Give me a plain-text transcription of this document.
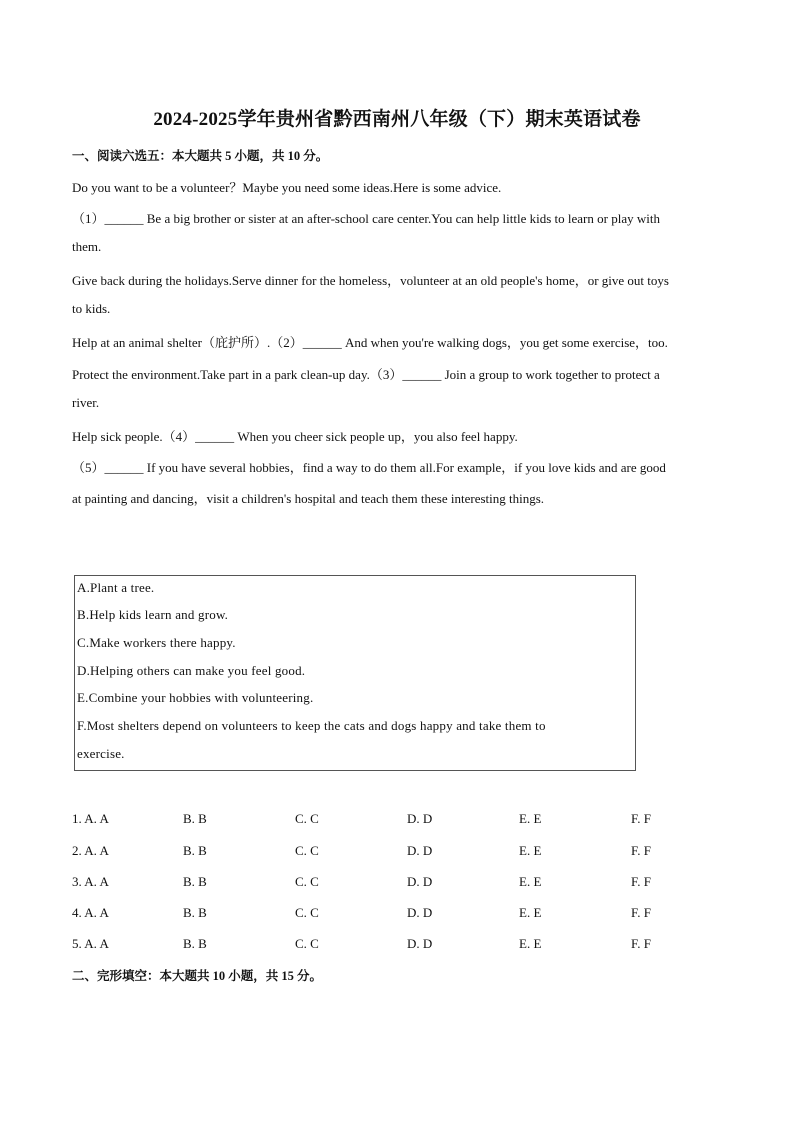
2024-2025学年贵州省黔西南州八年级（下）期末英语试卷
一、阅读六选五：本大题共 5 小题，共 10 分。
Do you want to be a volunteer？Maybe you need some ideas.Here is some advice.
（1）______ Be a big brother or sister at an after-school care center.You can help little kids to learn or play with
them.
Give back during the holidays.Serve dinner for the homeless，volunteer at an old people's home，or give out toys
to kids.
Help at an animal shelter（庇护所）.（2）______ And when you're walking dogs，you get some exercise，too.
Protect the environment.Take part in a park clean-up day.（3）______ Join a group to work together to protect a
river.
Help sick people.（4）______ When you cheer sick people up，you also feel happy.
（5）______ If you have several hobbies，find a way to do them all.For example，if you love kids and are good
at painting and dancing，visit a children's hospital and teach them these interesting things.
A.Plant a tree.
B.Help kids learn and grow.
C.Make workers there happy.
D.Helping others can make you feel good.
E.Combine your hobbies with volunteering.
F.Most shelters depend on volunteers to keep the cats and dogs happy and take them to
exercise.
1. A. A	B. B	C. C	D. D	E. E	F. F
2. A. A	B. B	C. C	D. D	E. E	F. F
3. A. A	B. B	C. C	D. D	E. E	F. F
4. A. A	B. B	C. C	D. D	E. E	F. F
5. A. A	B. B	C. C	D. D	E. E	F. F
二、完形填空：本大题共 10 小题，共 15 分。
